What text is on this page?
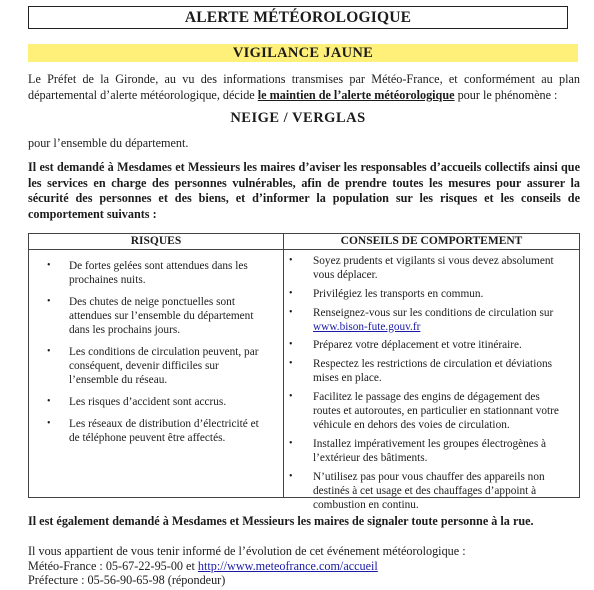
ALERTE MÉTÉOROLOGIQUE
VIGILANCE JAUNE
Le Préfet de la Gironde, au vu des informations transmises par Météo-France, et conformément au plan départemental d’alerte météorologique, décide le maintien de l’alerte météorologique pour le phénomène :
NEIGE / VERGLAS
pour l’ensemble du département.
Il est demandé à Mesdames et Messieurs les maires d’aviser les responsables d’accueils collectifs ainsi que les services en charge des personnes vulnérables, afin de prendre toutes les mesures pour assurer la sécurité des personnes et des biens, et d’informer la population sur les risques et les conseils de comportement suivants :
RISQUES	CONSEILS DE COMPORTEMENT
• De fortes gelées sont attendues dans les prochaines nuits.
• Des chutes de neige ponctuelles sont attendues sur l’ensemble du département dans les prochains jours.
• Les conditions de circulation peuvent, par conséquent, devenir difficiles sur l’ensemble du réseau.
• Les risques d’accident sont accrus.
• Les réseaux de distribution d’électricité et de téléphone peuvent être affectés.
• Soyez prudents et vigilants si vous devez absolument vous déplacer.
• Privilégiez les transports en commun.
• Renseignez-vous sur les conditions de circulation sur www.bison-fute.gouv.fr
• Préparez votre déplacement et votre itinéraire.
• Respectez les restrictions de circulation et déviations mises en place.
• Facilitez le passage des engins de dégagement des routes et autoroutes, en particulier en stationnant votre véhicule en dehors des voies de circulation.
• Installez impérativement les groupes électrogènes à l’extérieur des bâtiments.
• N’utilisez pas pour vous chauffer des appareils non destinés à cet usage et des chauffages d’appoint à combustion en continu.
Il est également demandé à Mesdames et Messieurs les maires de signaler toute personne à la rue.
Il vous appartient de vous tenir informé de l’évolution de cet événement météorologique :
Météo-France : 05-67-22-95-00 et http://www.meteofrance.com/accueil
Préfecture : 05-56-90-65-98 (répondeur)
